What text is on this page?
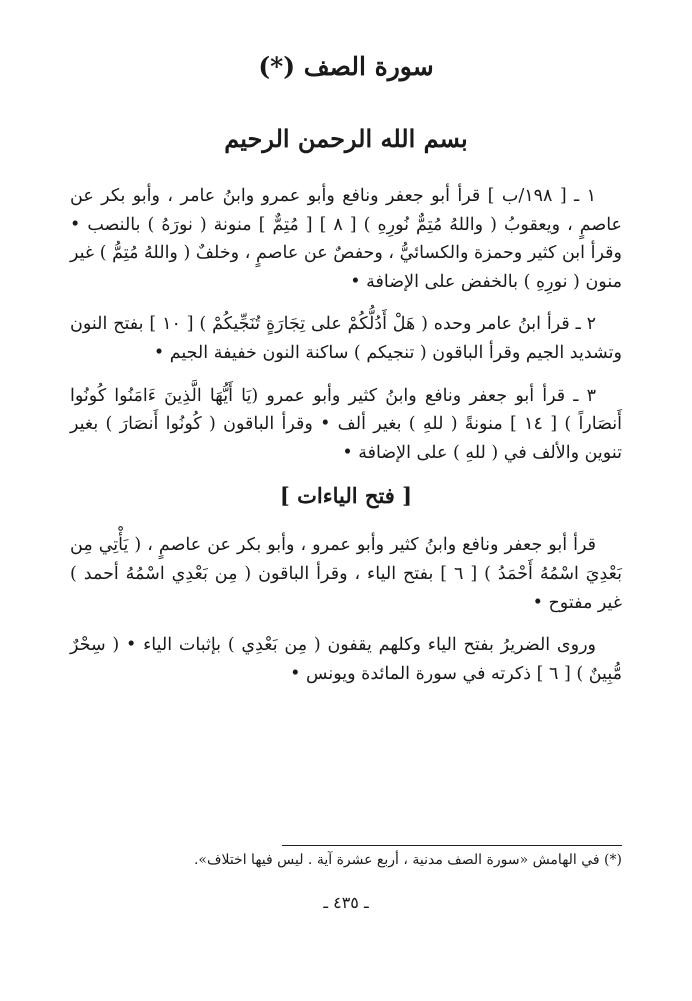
سورة الصف (*)
بسم الله الرحمن الرحيم

١ ـ [ ١٩٨/ب ] قرأ أبو جعفر ونافع وأبو عمرو وابنُ عامر ، وأبو بكر عن عاصمٍ ، ويعقوبُ ( واللهُ مُتِمٌّ نُورِهِ ) [ ٨ ] [ مُتِمٌّ ] منونة ( نورَهُ ) بالنصب • وقرأ ابن كثير وحمزة والكسائيُّ ، وحفصٌ عن عاصمٍ ، وخلفٌ ( واللهُ مُتِمُّ ) غير منون ( نورِهِ ) بالخفض على الإضافة •

٢ ـ قرأ ابنُ عامر وحده ( هَلْ أَدُلُّكُمْ على تِجَارَةٍ تُنَجِّيكُمْ ) [ ١٠ ] بفتح النون وتشديد الجيم وقرأ الباقون ( تنجيكم ) ساكنة النون خفيفة الجيم •

٣ ـ قرأ أبو جعفر ونافع وابنُ كثير وأبو عمرو (يَا أَيُّهَا الَّذِينَ ءَامَنُوا كُونُوا أَنصَاراً ) [ ١٤ ] منونةً ( للهِ ) بغير ألف • وقرأ الباقون ( كُونُوا أَنصَارَ ) بغير تنوين والألف في ( للهِ ) على الإضافة •

[ فتح الياءات ]

قرأ أبو جعفر ونافع وابنُ كثير وأبو عمرو ، وأبو بكر عن عاصمٍ ، ( يَأْتِي مِن بَعْدِيَ اسْمُهُ أَحْمَدُ ) [ ٦ ] بفتح الياء ، وقرأ الباقون ( مِن بَعْدِي اسْمُهُ أحمد ) غير مفتوح •

وروى الضريرُ بفتح الياء وكلهم يقفون ( مِن بَعْدِي ) بإثبات الياء • ( سِحْرٌ مُّبِينٌ ) [ ٦ ] ذكرته في سورة المائدة ويونس •

(*) في الهامش «سورة الصف مدنية ، أربع عشرة آية . ليس فيها اختلاف».
ـ ٤٣٥ ـ
